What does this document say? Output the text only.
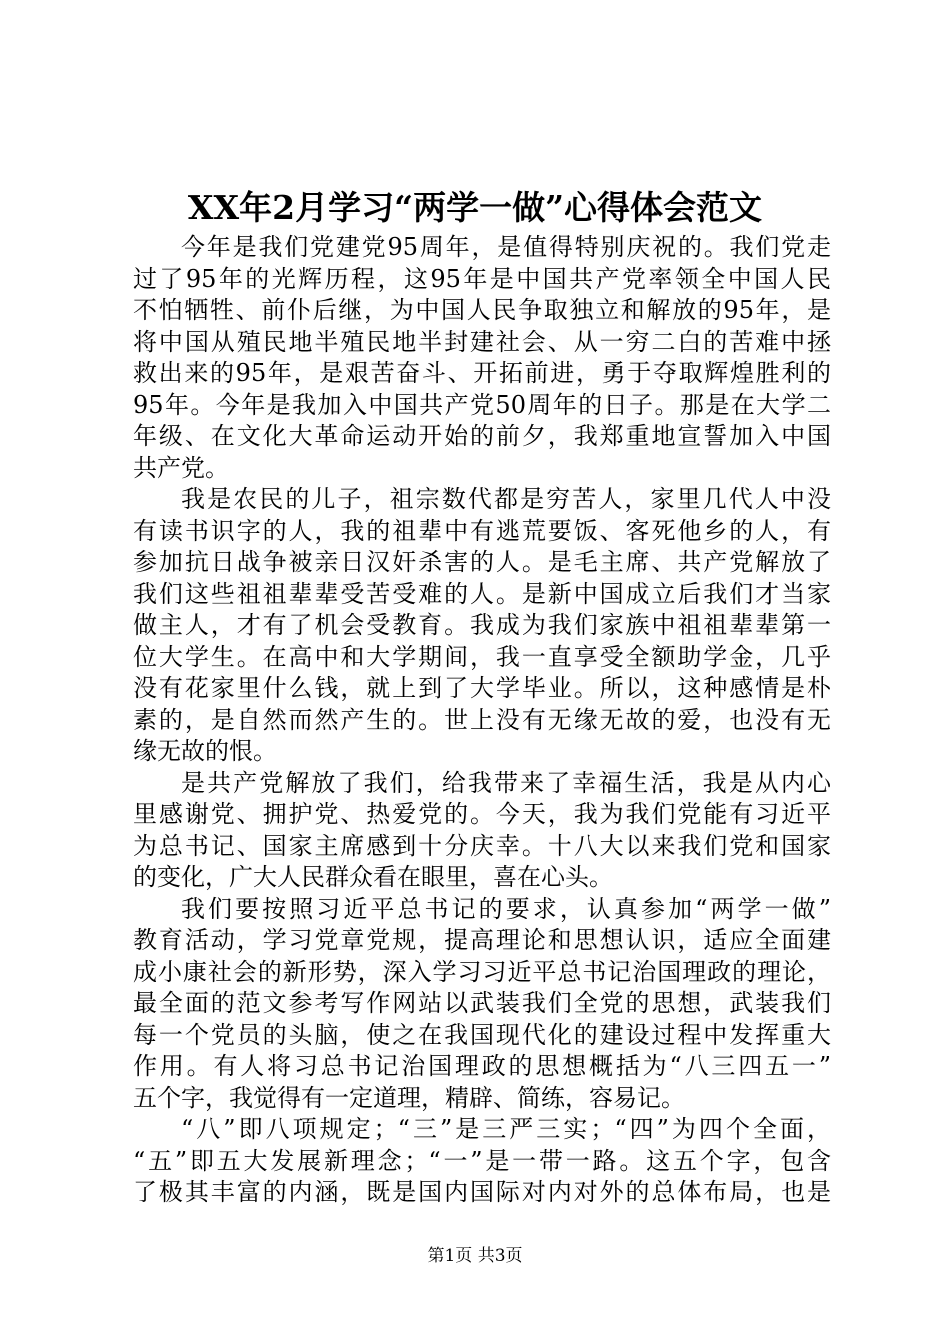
XX年2月学习“两学一做”心得体会范文

今年是我们党建党95周年，是值得特别庆祝的。我们党走
过了95年的光辉历程，这95年是中国共产党率领全中国人民
不怕牺牲、前仆后继，为中国人民争取独立和解放的95年，是
将中国从殖民地半殖民地半封建社会、从一穷二白的苦难中拯
救出来的95年，是艰苦奋斗、开拓前进，勇于夺取辉煌胜利的
95年。今年是我加入中国共产党50周年的日子。那是在大学二
年级、在文化大革命运动开始的前夕，我郑重地宣誓加入中国
共产党。

我是农民的儿子，祖宗数代都是穷苦人，家里几代人中没
有读书识字的人，我的祖辈中有逃荒要饭、客死他乡的人，有
参加抗日战争被亲日汉奸杀害的人。是毛主席、共产党解放了
我们这些祖祖辈辈受苦受难的人。是新中国成立后我们才当家
做主人，才有了机会受教育。我成为我们家族中祖祖辈辈第一
位大学生。在高中和大学期间，我一直享受全额助学金，几乎
没有花家里什么钱，就上到了大学毕业。所以，这种感情是朴
素的，是自然而然产生的。世上没有无缘无故的爱，也没有无
缘无故的恨。

是共产党解放了我们，给我带来了幸福生活，我是从内心
里感谢党、拥护党、热爱党的。今天，我为我们党能有习近平
为总书记、国家主席感到十分庆幸。十八大以来我们党和国家
的变化，广大人民群众看在眼里，喜在心头。

我们要按照习近平总书记的要求，认真参加“两学一做”
教育活动，学习党章党规，提高理论和思想认识，适应全面建
成小康社会的新形势，深入学习习近平总书记治国理政的理论，
最全面的范文参考写作网站以武装我们全党的思想，武装我们
每一个党员的头脑，使之在我国现代化的建设过程中发挥重大
作用。有人将习总书记治国理政的思想概括为“八三四五一”
五个字，我觉得有一定道理，精辟、简练，容易记。

“八”即八项规定；“三”是三严三实；“四”为四个全面，
“五”即五大发展新理念；“一”是一带一路。这五个字，包含
了极其丰富的内涵，既是国内国际对内对外的总体布局，也是

第1页 共3页
